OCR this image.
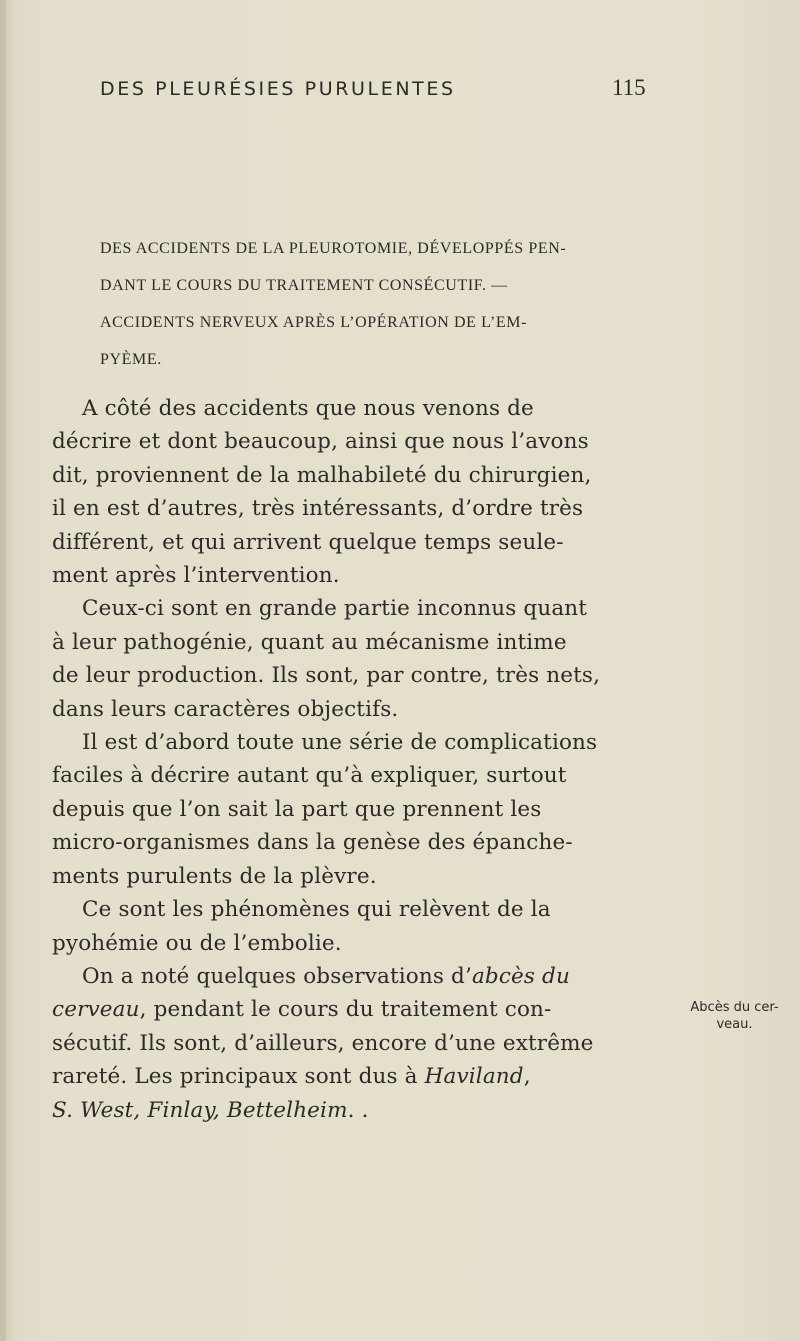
DES PLEURÉSIES PURULENTES	115
DES ACCIDENTS DE LA PLEUROTOMIE, DÉVELOPPÉS PEN-
DANT LE COURS DU TRAITEMENT CONSÉCUTIF. —
ACCIDENTS NERVEUX APRÈS L’OPÉRATION DE L’EM-
PYÈME.
A côté des accidents que nous venons de
décrire et dont beaucoup, ainsi que nous l’avons
dit, proviennent de la malhabileté du chirurgien,
il en est d’autres, très intéressants, d’ordre très
différent, et qui arrivent quelque temps seule-
ment après l’intervention.
Ceux-ci sont en grande partie inconnus quant
à leur pathogénie, quant au mécanisme intime
de leur production. Ils sont, par contre, très nets,
dans leurs caractères objectifs.
Il est d’abord toute une série de complications
faciles à décrire autant qu’à expliquer, surtout
depuis que l’on sait la part que prennent les
micro-organismes dans la genèse des épanche-
ments purulents de la plèvre.
Ce sont les phénomènes qui relèvent de la
pyohémie ou de l’embolie.
On a noté quelques observations d’abcès du
cerveau, pendant le cours du traitement con-
sécutif. Ils sont, d’ailleurs, encore d’une extrême
rareté. Les principaux sont dus à Haviland,
S. West, Finlay, Bettelheim. .
Abcès du cer-
veau.
